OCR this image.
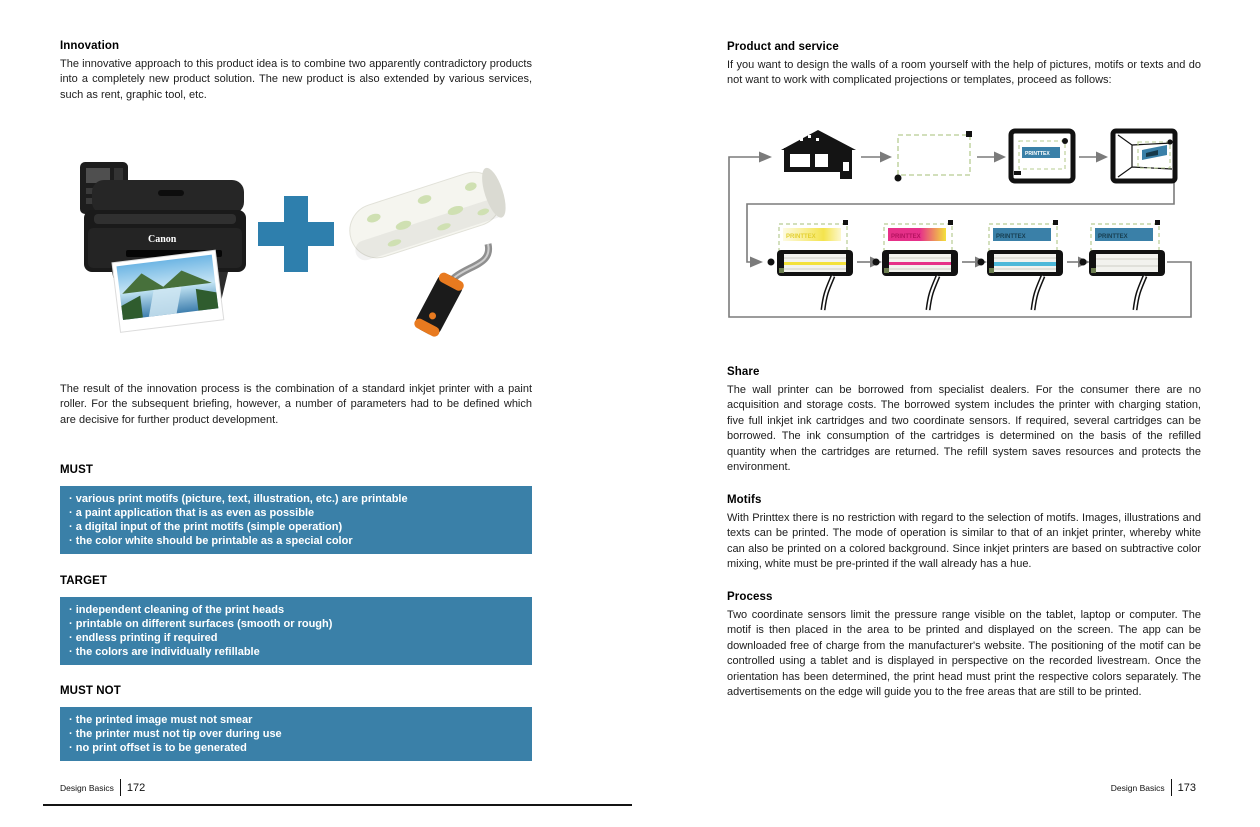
Innovation
The innovative approach to this product idea is to combine two apparently contradictory products into a completely new product solution. The new product is also extended by various services, such as rent, graphic tool, etc.
Canon
The result of the innovation process is the combination of a standard inkjet printer with a paint roller. For the subsequent briefing, however, a number of parameters had to be defined which are decisive for further product development.
MUST
· various print motifs (picture, text, illustration, etc.) are printable
· a paint application that is as even as possible
· a digital input of the print motifs (simple operation)
· the color white should be printable as a special color
TARGET
· independent cleaning of the print heads
· printable on different surfaces (smooth or rough)
· endless printing if required
· the colors are individually refillable
MUST NOT
· the printed image must not smear
· the printer must not tip over during use
· no print offset is to be generated
Design Basics 172
Product and service
If you want to design the walls of a room yourself with the help of pictures, motifs or texts and do not want to work with complicated projections or templates, proceed as follows:
PRINTTEX
PRINTTEX	PRINTTEX	PRINTTEX	PRINTTEX
Share
The wall printer can be borrowed from specialist dealers. For the consumer there are no acquisition and storage costs. The borrowed system includes the printer with charging station, five full inkjet ink cartridges and two coordinate sensors. If required, several cartridges can be borrowed. The ink consumption of the cartridges is determined on the basis of the refilled quantity when the cartridges are returned. The refill system saves resources and protects the environment.
Motifs
With Printtex there is no restriction with regard to the selection of motifs. Images, illustrations and texts can be printed. The mode of operation is similar to that of an inkjet printer, whereby white can also be printed on a colored background. Since inkjet printers are based on subtractive color mixing, white must be pre-printed if the wall already has a hue.
Process
Two coordinate sensors limit the pressure range visible on the tablet, laptop or computer. The motif is then placed in the area to be printed and displayed on the screen. The app can be downloaded free of charge from the manufacturer's website. The positioning of the motif can be controlled using a tablet and is displayed in perspective on the recorded livestream. Once the orientation has been determined, the print head must print the respective colors separately. The advertisements on the edge will guide you to the free areas that are still to be printed.
Design Basics 173
